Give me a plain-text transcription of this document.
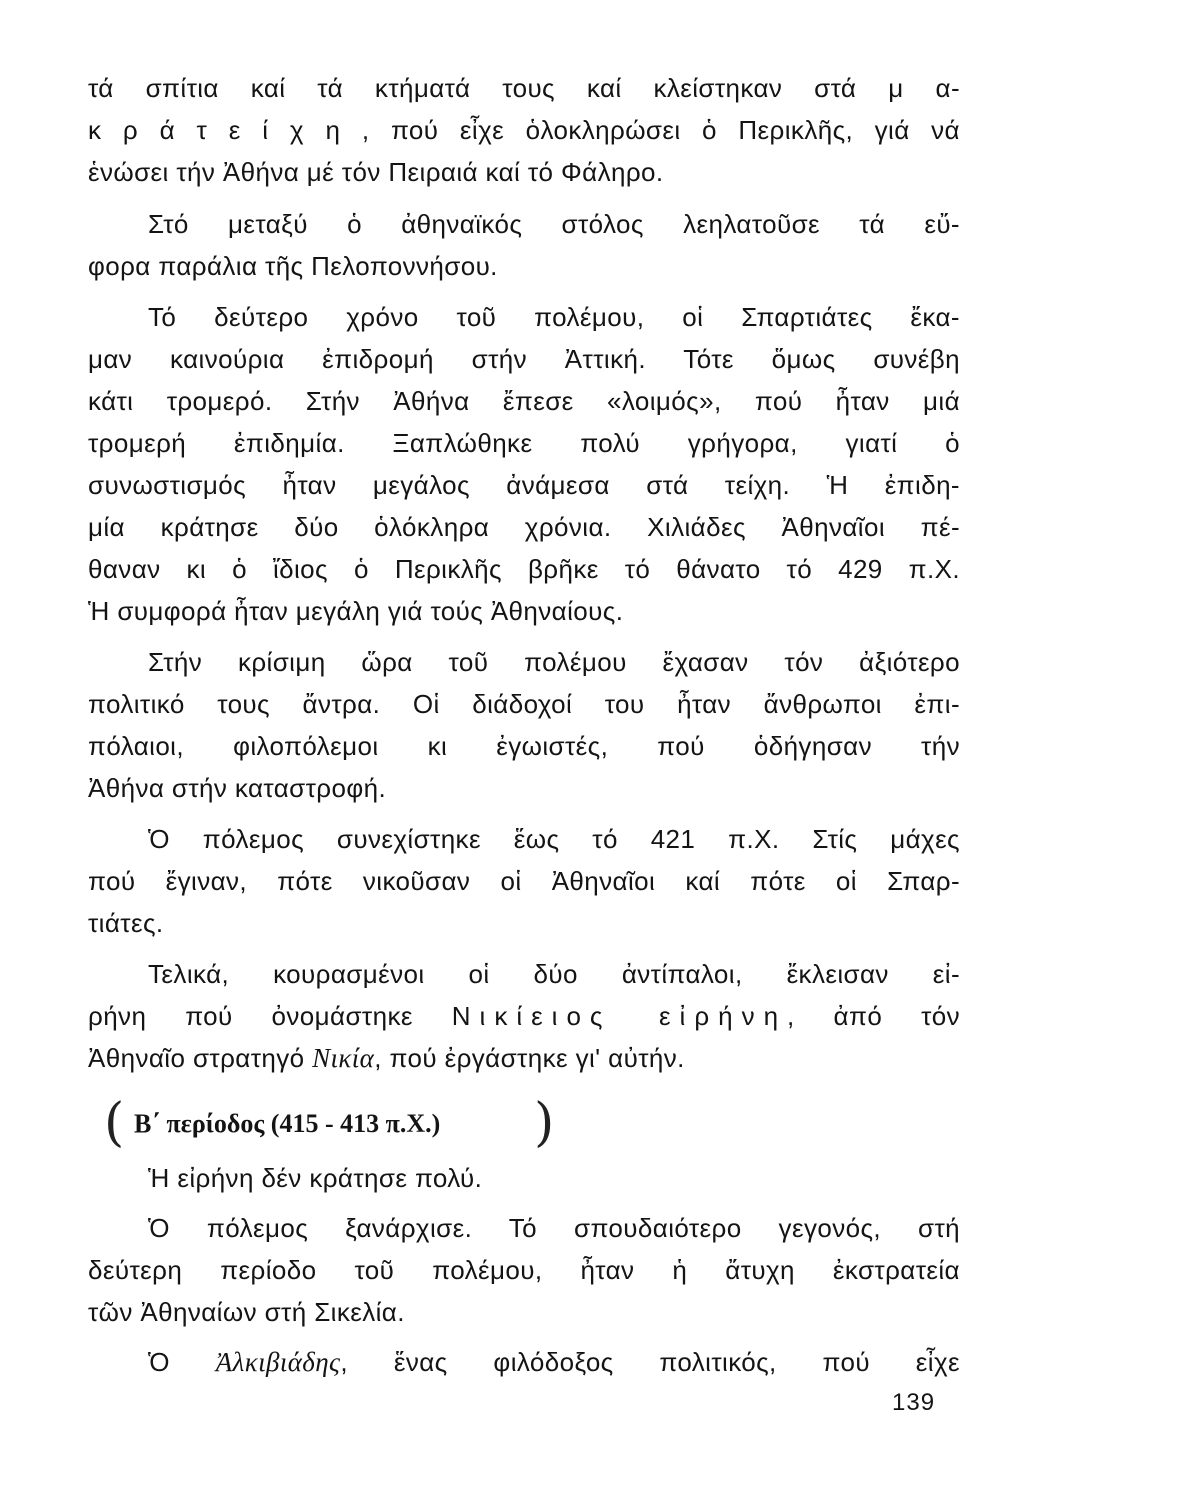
τά σπίτια καί τά κτήματά τους καί κλείστηκαν στά μ α-
κ ρ ά τ ε ί χ η , πού εἶχε ὁλοκληρώσει ὁ Περικλῆς, γιά νά
ἑνώσει τήν Ἀθήνα μέ τόν Πειραιά καί τό Φάληρο.
Στό μεταξύ ὁ ἀθηναϊκός στόλος λεηλατοῦσε τά εὔ-
φορα παράλια τῆς Πελοποννήσου.
Τό δεύτερο χρόνο τοῦ πολέμου, οἱ Σπαρτιάτες ἔκα-
μαν καινούρια ἐπιδρομή στήν Ἀττική. Τότε ὅμως συνέβη
κάτι τρομερό. Στήν Ἀθήνα ἔπεσε «λοιμός», πού ἦταν μιά
τρομερή ἐπιδημία. Ξαπλώθηκε πολύ γρήγορα, γιατί ὁ
συνωστισμός ἦταν μεγάλος ἀνάμεσα στά τείχη. Ἡ ἐπιδη-
μία κράτησε δύο ὁλόκληρα χρόνια. Χιλιάδες Ἀθηναῖοι πέ-
θαναν κι ὁ ἴδιος ὁ Περικλῆς βρῆκε τό θάνατο τό 429 π.Χ.
Ἡ συμφορά ἦταν μεγάλη γιά τούς Ἀθηναίους.
Στήν κρίσιμη ὥρα τοῦ πολέμου ἔχασαν τόν ἀξιότερο
πολιτικό τους ἄντρα. Οἱ διάδοχοί του ἦταν ἄνθρωποι ἐπι-
πόλαιοι, φιλοπόλεμοι κι ἐγωιστές, πού ὁδήγησαν τήν
Ἀθήνα στήν καταστροφή.
Ὁ πόλεμος συνεχίστηκε ἕως τό 421 π.Χ. Στίς μάχες
πού ἔγιναν, πότε νικοῦσαν οἱ Ἀθηναῖοι καί πότε οἱ Σπαρ-
τιάτες.
Τελικά, κουρασμένοι οἱ δύο ἀντίπαλοι, ἔκλεισαν εἰ-
ρήνη πού ὀνομάστηκε Νικίειος εἰρήνη, ἀπό τόν
Ἀθηναῖο στρατηγό Νικία, πού ἐργάστηκε γι' αὐτήν.
Ἡ εἰρήνη δέν κράτησε πολύ.
Ὁ πόλεμος ξανάρχισε. Τό σπουδαιότερο γεγονός, στή
δεύτερη περίοδο τοῦ πολέμου, ἦταν ἡ ἄτυχη ἐκστρατεία
τῶν Ἀθηναίων στή Σικελία.
Ὁ Ἀλκιβιάδης, ἕνας φιλόδοξος πολιτικός, πού εἶχε
( Β΄ περίοδος (415 - 413 π.Χ.) )
139
